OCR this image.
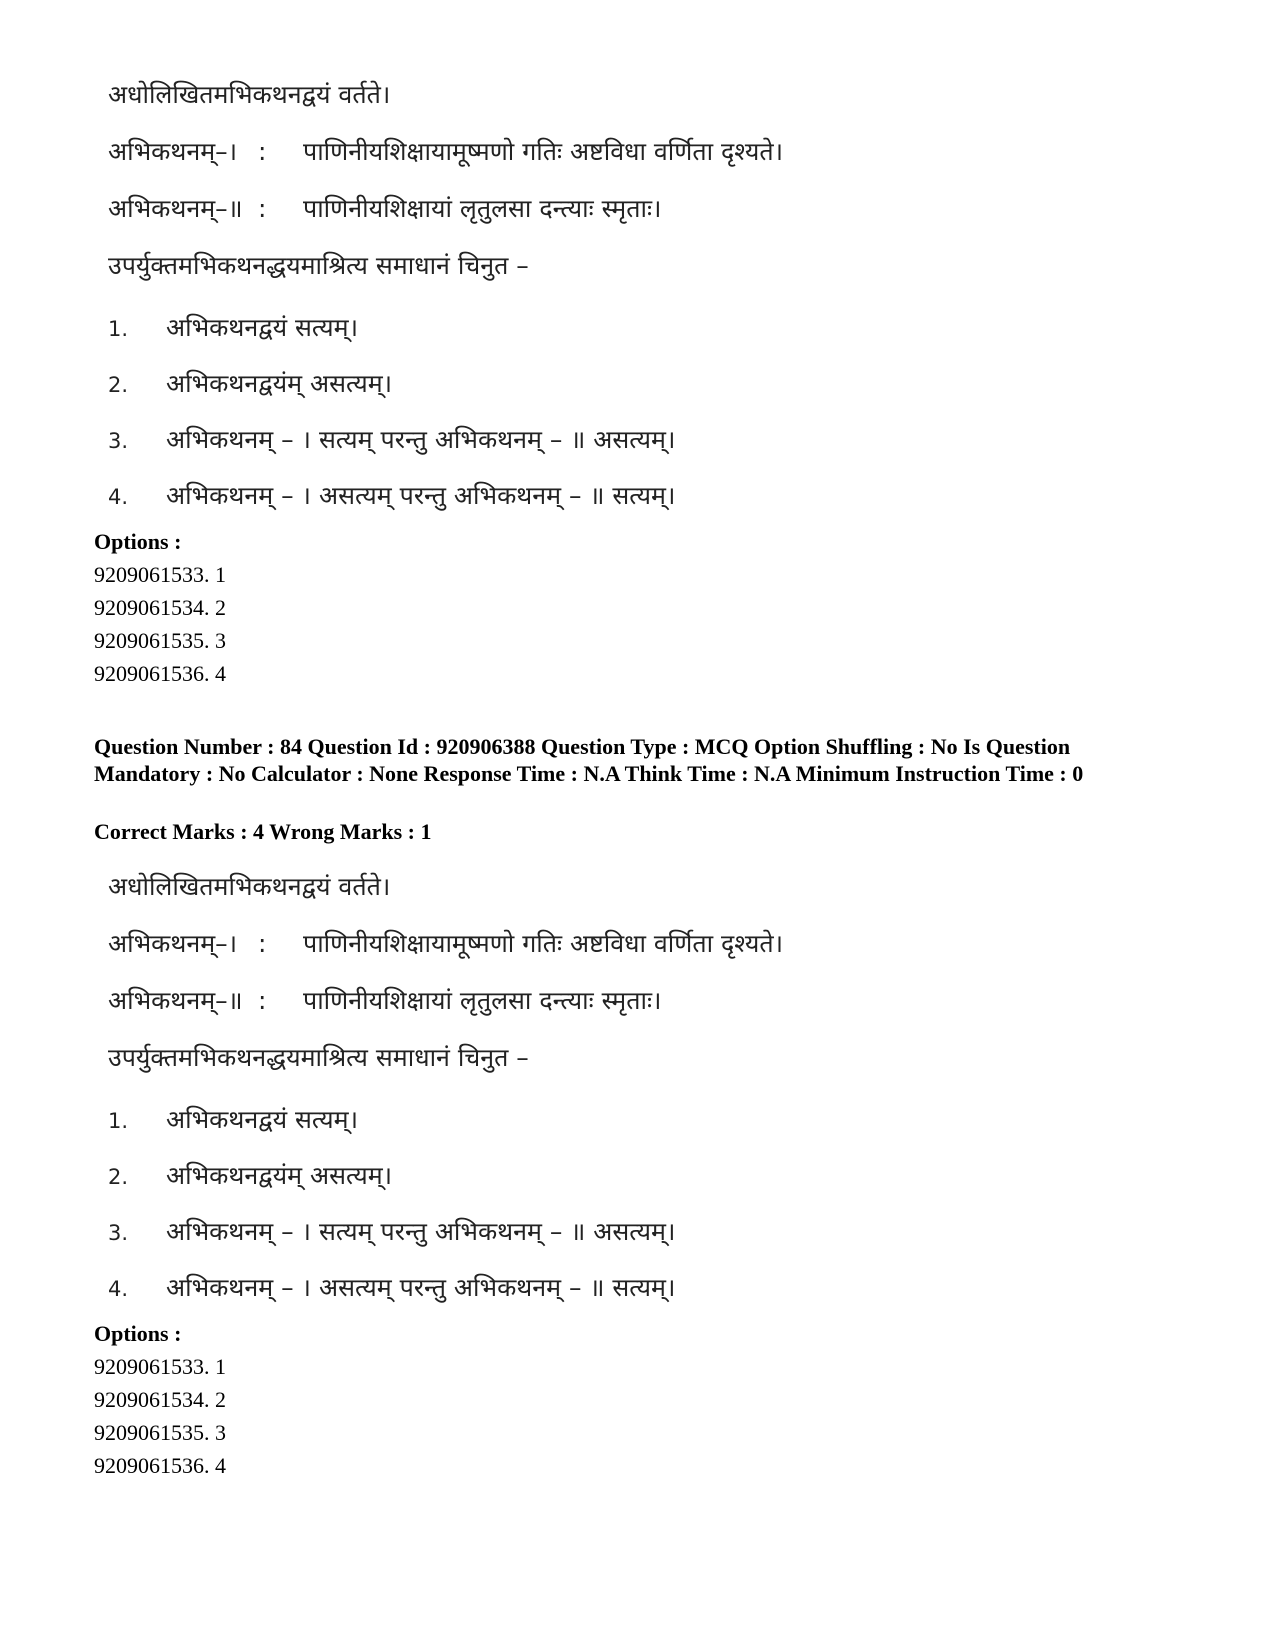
अधोलिखितमभिकथनद्वयं वर्तते।
अभिकथनम्–। : पाणिनीयशिक्षायामूष्मणो गतिः अष्टविधा वर्णिता दृश्यते।
अभिकथनम्–॥ : पाणिनीयशिक्षायां लृतुलसा दन्त्याः स्मृताः।
उपर्युक्तमभिकथनद्धयमाश्रित्य समाधानं चिनुत –
1. अभिकथनद्वयं सत्यम्।
2. अभिकथनद्वयंम् असत्यम्।
3. अभिकथनम् – । सत्यम् परन्तु अभिकथनम् – ॥ असत्यम्।
4. अभिकथनम् – । असत्यम् परन्तु अभिकथनम् – ॥ सत्यम्।
Options :
9209061533. 1
9209061534. 2
9209061535. 3
9209061536. 4
Question Number : 84 Question Id : 920906388 Question Type : MCQ Option Shuffling : No Is Question Mandatory : No Calculator : None Response Time : N.A Think Time : N.A Minimum Instruction Time : 0
Correct Marks : 4 Wrong Marks : 1
अधोलिखितमभिकथनद्वयं वर्तते।
अभिकथनम्–। : पाणिनीयशिक्षायामूष्मणो गतिः अष्टविधा वर्णिता दृश्यते।
अभिकथनम्–॥ : पाणिनीयशिक्षायां लृतुलसा दन्त्याः स्मृताः।
उपर्युक्तमभिकथनद्धयमाश्रित्य समाधानं चिनुत –
1. अभिकथनद्वयं सत्यम्।
2. अभिकथनद्वयंम् असत्यम्।
3. अभिकथनम् – । सत्यम् परन्तु अभिकथनम् – ॥ असत्यम्।
4. अभिकथनम् – । असत्यम् परन्तु अभिकथनम् – ॥ सत्यम्।
Options :
9209061533. 1
9209061534. 2
9209061535. 3
9209061536. 4
